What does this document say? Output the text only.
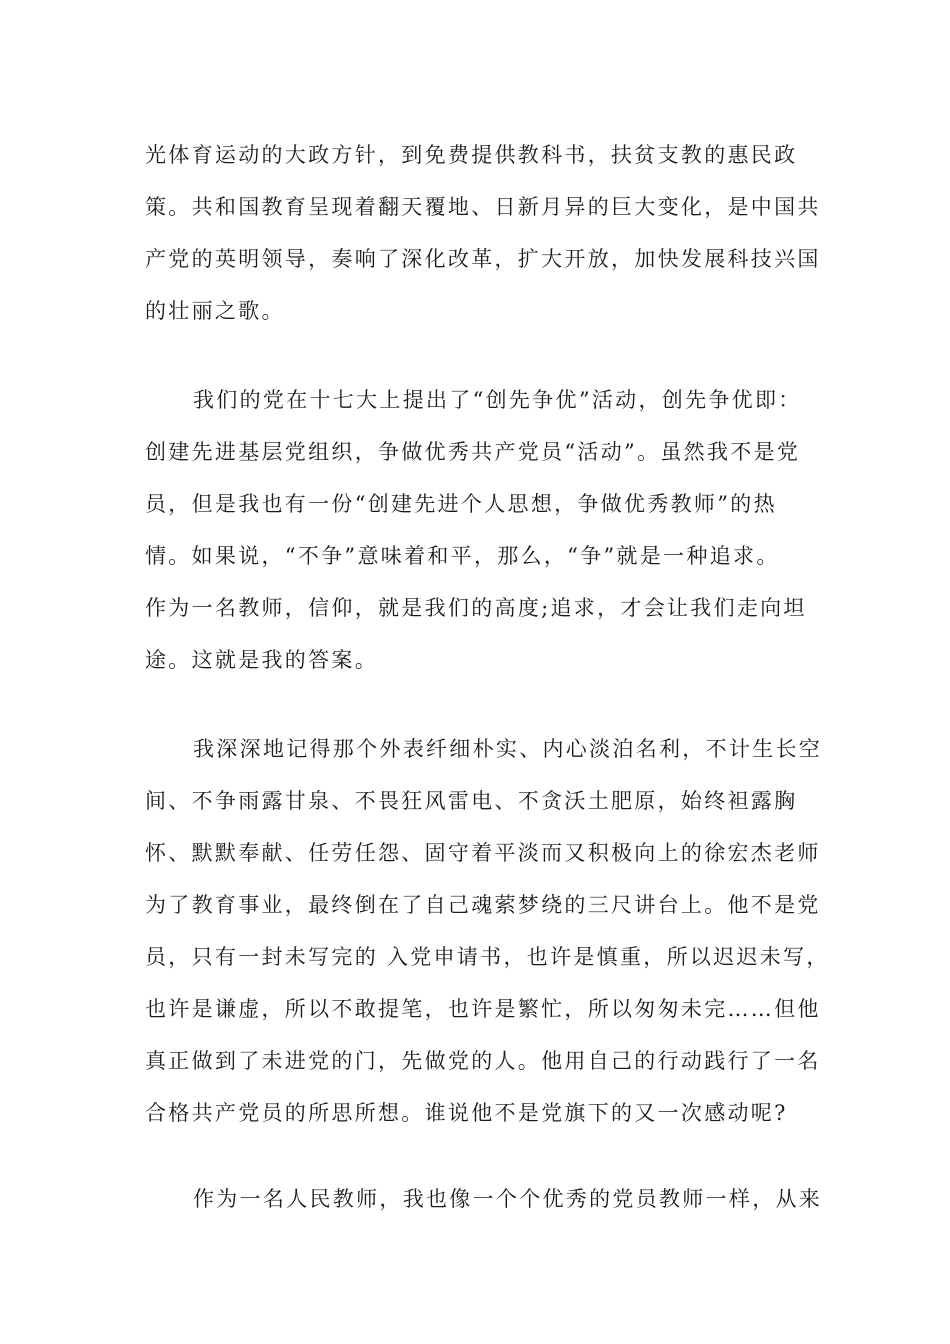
光体育运动的大政方针，到免费提供教科书，扶贫支教的惠民政
策。共和国教育呈现着翻天覆地、日新月异的巨大变化，是中国共
产党的英明领导，奏响了深化改革，扩大开放，加快发展科技兴国
的壮丽之歌。
我们的党在十七大上提出了“创先争优”活动，创先争优即：
创建先进基层党组织，争做优秀共产党员“活动”。虽然我不是党
员，但是我也有一份“创建先进个人思想，争做优秀教师”的热
情。如果说，“不争”意味着和平，那么，“争”就是一种追求。
作为一名教师，信仰，就是我们的高度;追求，才会让我们走向坦
途。这就是我的答案。
我深深地记得那个外表纤细朴实、内心淡泊名利，不计生长空
间、不争雨露甘泉、不畏狂风雷电、不贪沃土肥原，始终袒露胸
怀、默默奉献、任劳任怨、固守着平淡而又积极向上的徐宏杰老师
为了教育事业，最终倒在了自己魂萦梦绕的三尺讲台上。他不是党
员，只有一封未写完的 入党申请书，也许是慎重，所以迟迟未写，
也许是谦虚，所以不敢提笔，也许是繁忙，所以匆匆未完……但他
真正做到了未进党的门，先做党的人。他用自己的行动践行了一名
合格共产党员的所思所想。谁说他不是党旗下的又一次感动呢?
作为一名人民教师，我也像一个个优秀的党员教师一样，从来
